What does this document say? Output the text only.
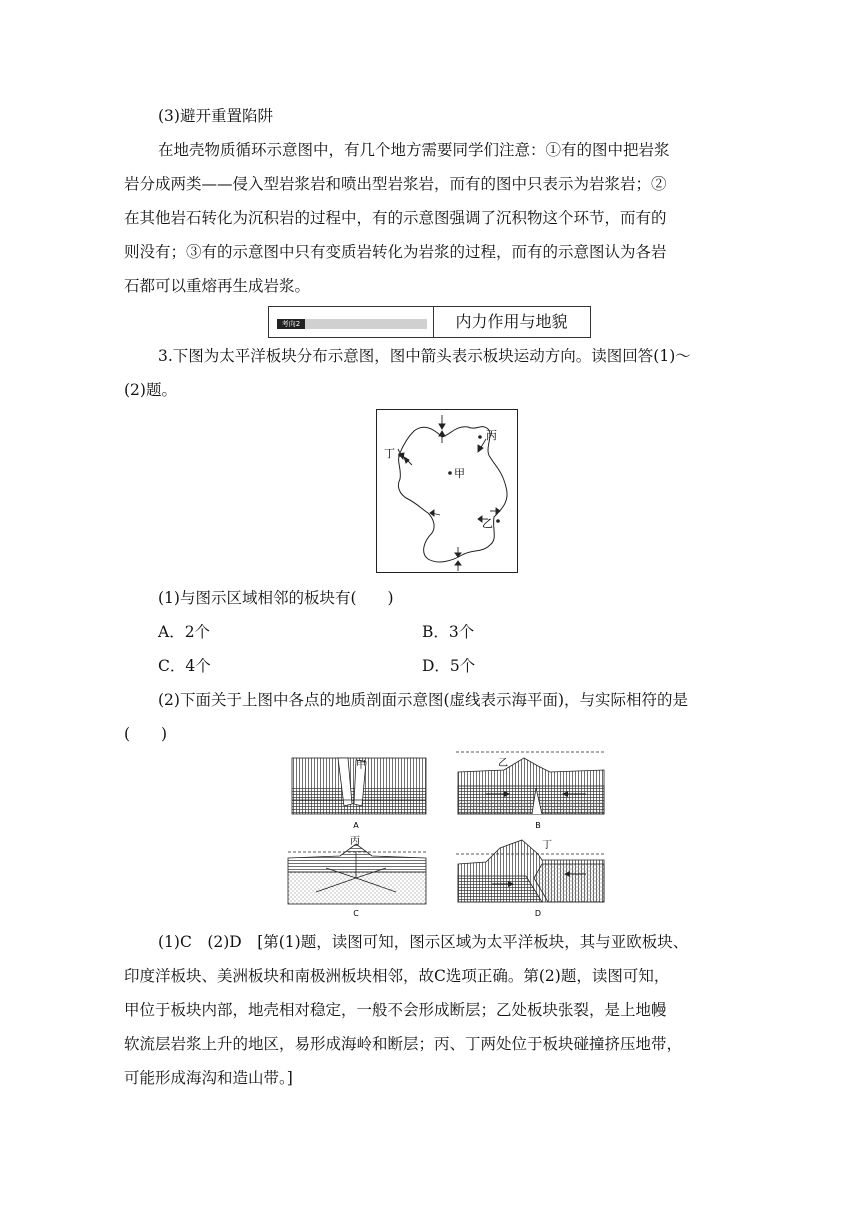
(3)避开重置陷阱
在地壳物质循环示意图中，有几个地方需要同学们注意：①有的图中把岩浆
岩分成两类——侵入型岩浆岩和喷出型岩浆岩，而有的图中只表示为岩浆岩；②
在其他岩石转化为沉积岩的过程中，有的示意图强调了沉积物这个环节，而有的
则没有；③有的示意图中只有变质岩转化为岩浆的过程，而有的示意图认为各岩
石都可以重熔再生成岩浆。
考向2	内力作用与地貌
3.下图为太平洋板块分布示意图，图中箭头表示板块运动方向。读图回答(1)～
(2)题。
甲
丙
丁
乙
(1)与图示区域相邻的板块有(　　)
A．2个	B．3个
C．4个	D．5个
(2)下面关于上图中各点的地质剖面示意图(虚线表示海平面)，与实际相符的是
(　　)
甲
A
乙
B
丙
C
丁
D
(1)C　(2)D　[第(1)题，读图可知，图示区域为太平洋板块，其与亚欧板块、
印度洋板块、美洲板块和南极洲板块相邻，故C选项正确。第(2)题，读图可知，
甲位于板块内部，地壳相对稳定，一般不会形成断层；乙处板块张裂，是上地幔
软流层岩浆上升的地区，易形成海岭和断层；丙、丁两处位于板块碰撞挤压地带，
可能形成海沟和造山带。]
